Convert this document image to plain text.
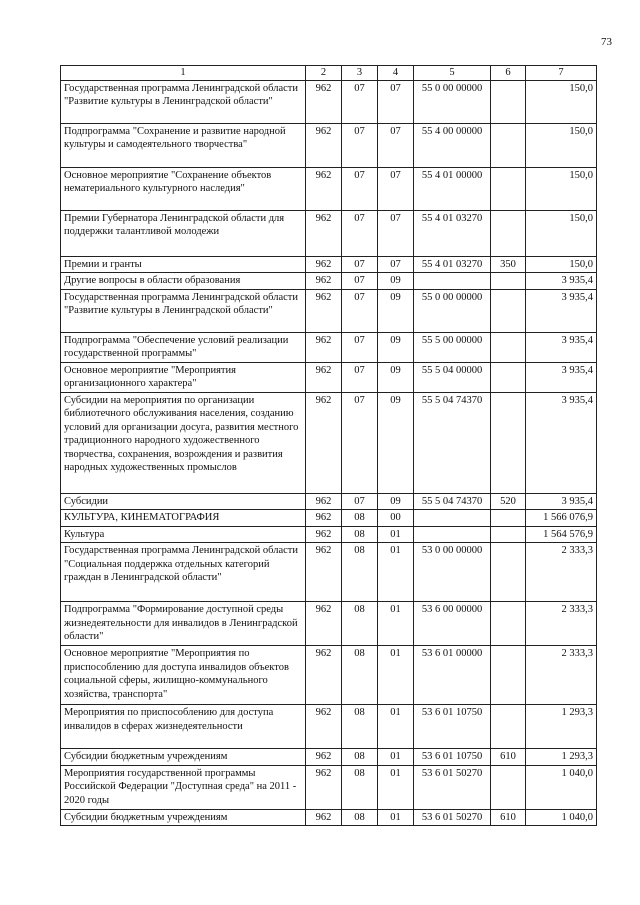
73
1	2	3	4	5	6	7
Государственная программа Ленинградской области "Развитие культуры в Ленинградской области"	962	07	07	55 0 00 00000		150,0
Подпрограмма "Сохранение и развитие народной культуры и самодеятельного творчества"	962	07	07	55 4 00 00000		150,0
Основное мероприятие "Сохранение объектов нематериального культурного наследия"	962	07	07	55 4 01 00000		150,0
Премии Губернатора Ленинградской области для поддержки талантливой молодежи	962	07	07	55 4 01 03270		150,0
Премии и гранты	962	07	07	55 4 01 03270	350	150,0
Другие вопросы в области образования	962	07	09			3 935,4
Государственная программа Ленинградской области "Развитие культуры в Ленинградской области"	962	07	09	55 0 00 00000		3 935,4
Подпрограмма "Обеспечение условий реализации государственной программы"	962	07	09	55 5 00 00000		3 935,4
Основное мероприятие "Мероприятия организационного характера"	962	07	09	55 5 04 00000		3 935,4
Субсидии на мероприятия по организации библиотечного обслуживания населения, созданию условий для организации досуга, развития местного традиционного народного художественного творчества, сохранения, возрождения и развития народных художественных промыслов	962	07	09	55 5 04 74370		3 935,4
Субсидии	962	07	09	55 5 04 74370	520	3 935,4
КУЛЬТУРА, КИНЕМАТОГРАФИЯ	962	08	00			1 566 076,9
Культура	962	08	01			1 564 576,9
Государственная программа Ленинградской области "Социальная поддержка отдельных категорий граждан в Ленинградской области"	962	08	01	53 0 00 00000		2 333,3
Подпрограмма "Формирование доступной среды жизнедеятельности для инвалидов в Ленинградской области"	962	08	01	53 6 00 00000		2 333,3
Основное мероприятие "Мероприятия по приспособлению для доступа инвалидов объектов социальной сферы, жилищно-коммунального хозяйства, транспорта"	962	08	01	53 6 01 00000		2 333,3
Мероприятия по приспособлению для доступа инвалидов в сферах жизнедеятельности	962	08	01	53 6 01 10750		1 293,3
Субсидии бюджетным учреждениям	962	08	01	53 6 01 10750	610	1 293,3
Мероприятия государственной программы Российской Федерации "Доступная среда" на 2011 - 2020 годы	962	08	01	53 6 01 50270		1 040,0
Субсидии бюджетным учреждениям	962	08	01	53 6 01 50270	610	1 040,0
